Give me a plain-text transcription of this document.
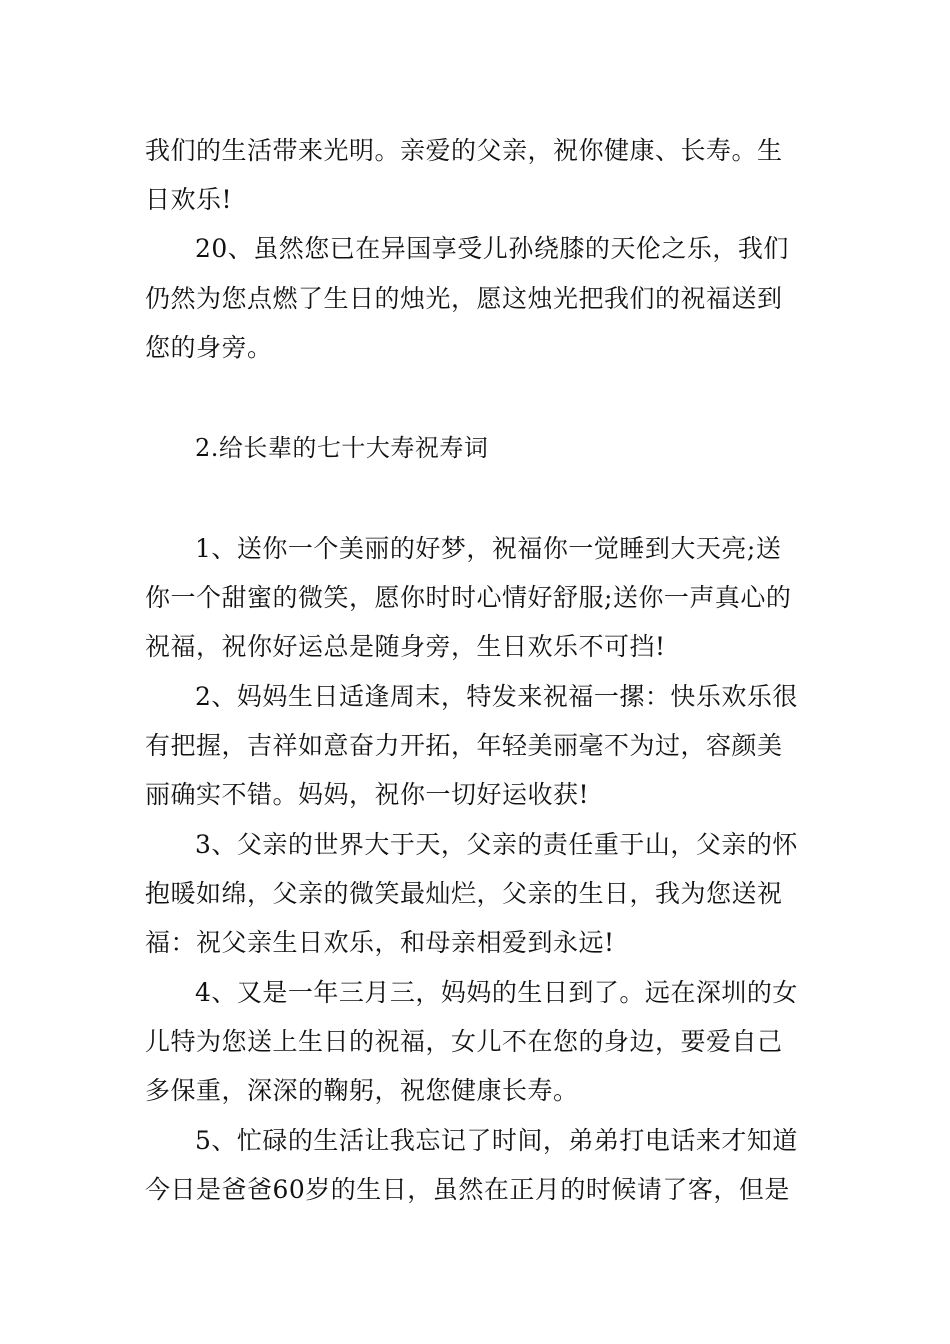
我们的生活带来光明。亲爱的父亲，祝你健康、长寿。生
日欢乐!
20、虽然您已在异国享受儿孙绕膝的天伦之乐，我们
仍然为您点燃了生日的烛光，愿这烛光把我们的祝福送到
您的身旁。
2.给长辈的七十大寿祝寿词
1、送你一个美丽的好梦，祝福你一觉睡到大天亮;送
你一个甜蜜的微笑，愿你时时心情好舒服;送你一声真心的
祝福，祝你好运总是随身旁，生日欢乐不可挡!
2、妈妈生日适逢周末，特发来祝福一摞：快乐欢乐很
有把握，吉祥如意奋力开拓，年轻美丽毫不为过，容颜美
丽确实不错。妈妈，祝你一切好运收获!
3、父亲的世界大于天，父亲的责任重于山，父亲的怀
抱暖如绵，父亲的微笑最灿烂，父亲的生日，我为您送祝
福：祝父亲生日欢乐，和母亲相爱到永远!
4、又是一年三月三，妈妈的生日到了。远在深圳的女
儿特为您送上生日的祝福，女儿不在您的身边，要爱自己
多保重，深深的鞠躬，祝您健康长寿。
5、忙碌的生活让我忘记了时间，弟弟打电话来才知道
今日是爸爸60岁的生日，虽然在正月的时候请了客，但是
